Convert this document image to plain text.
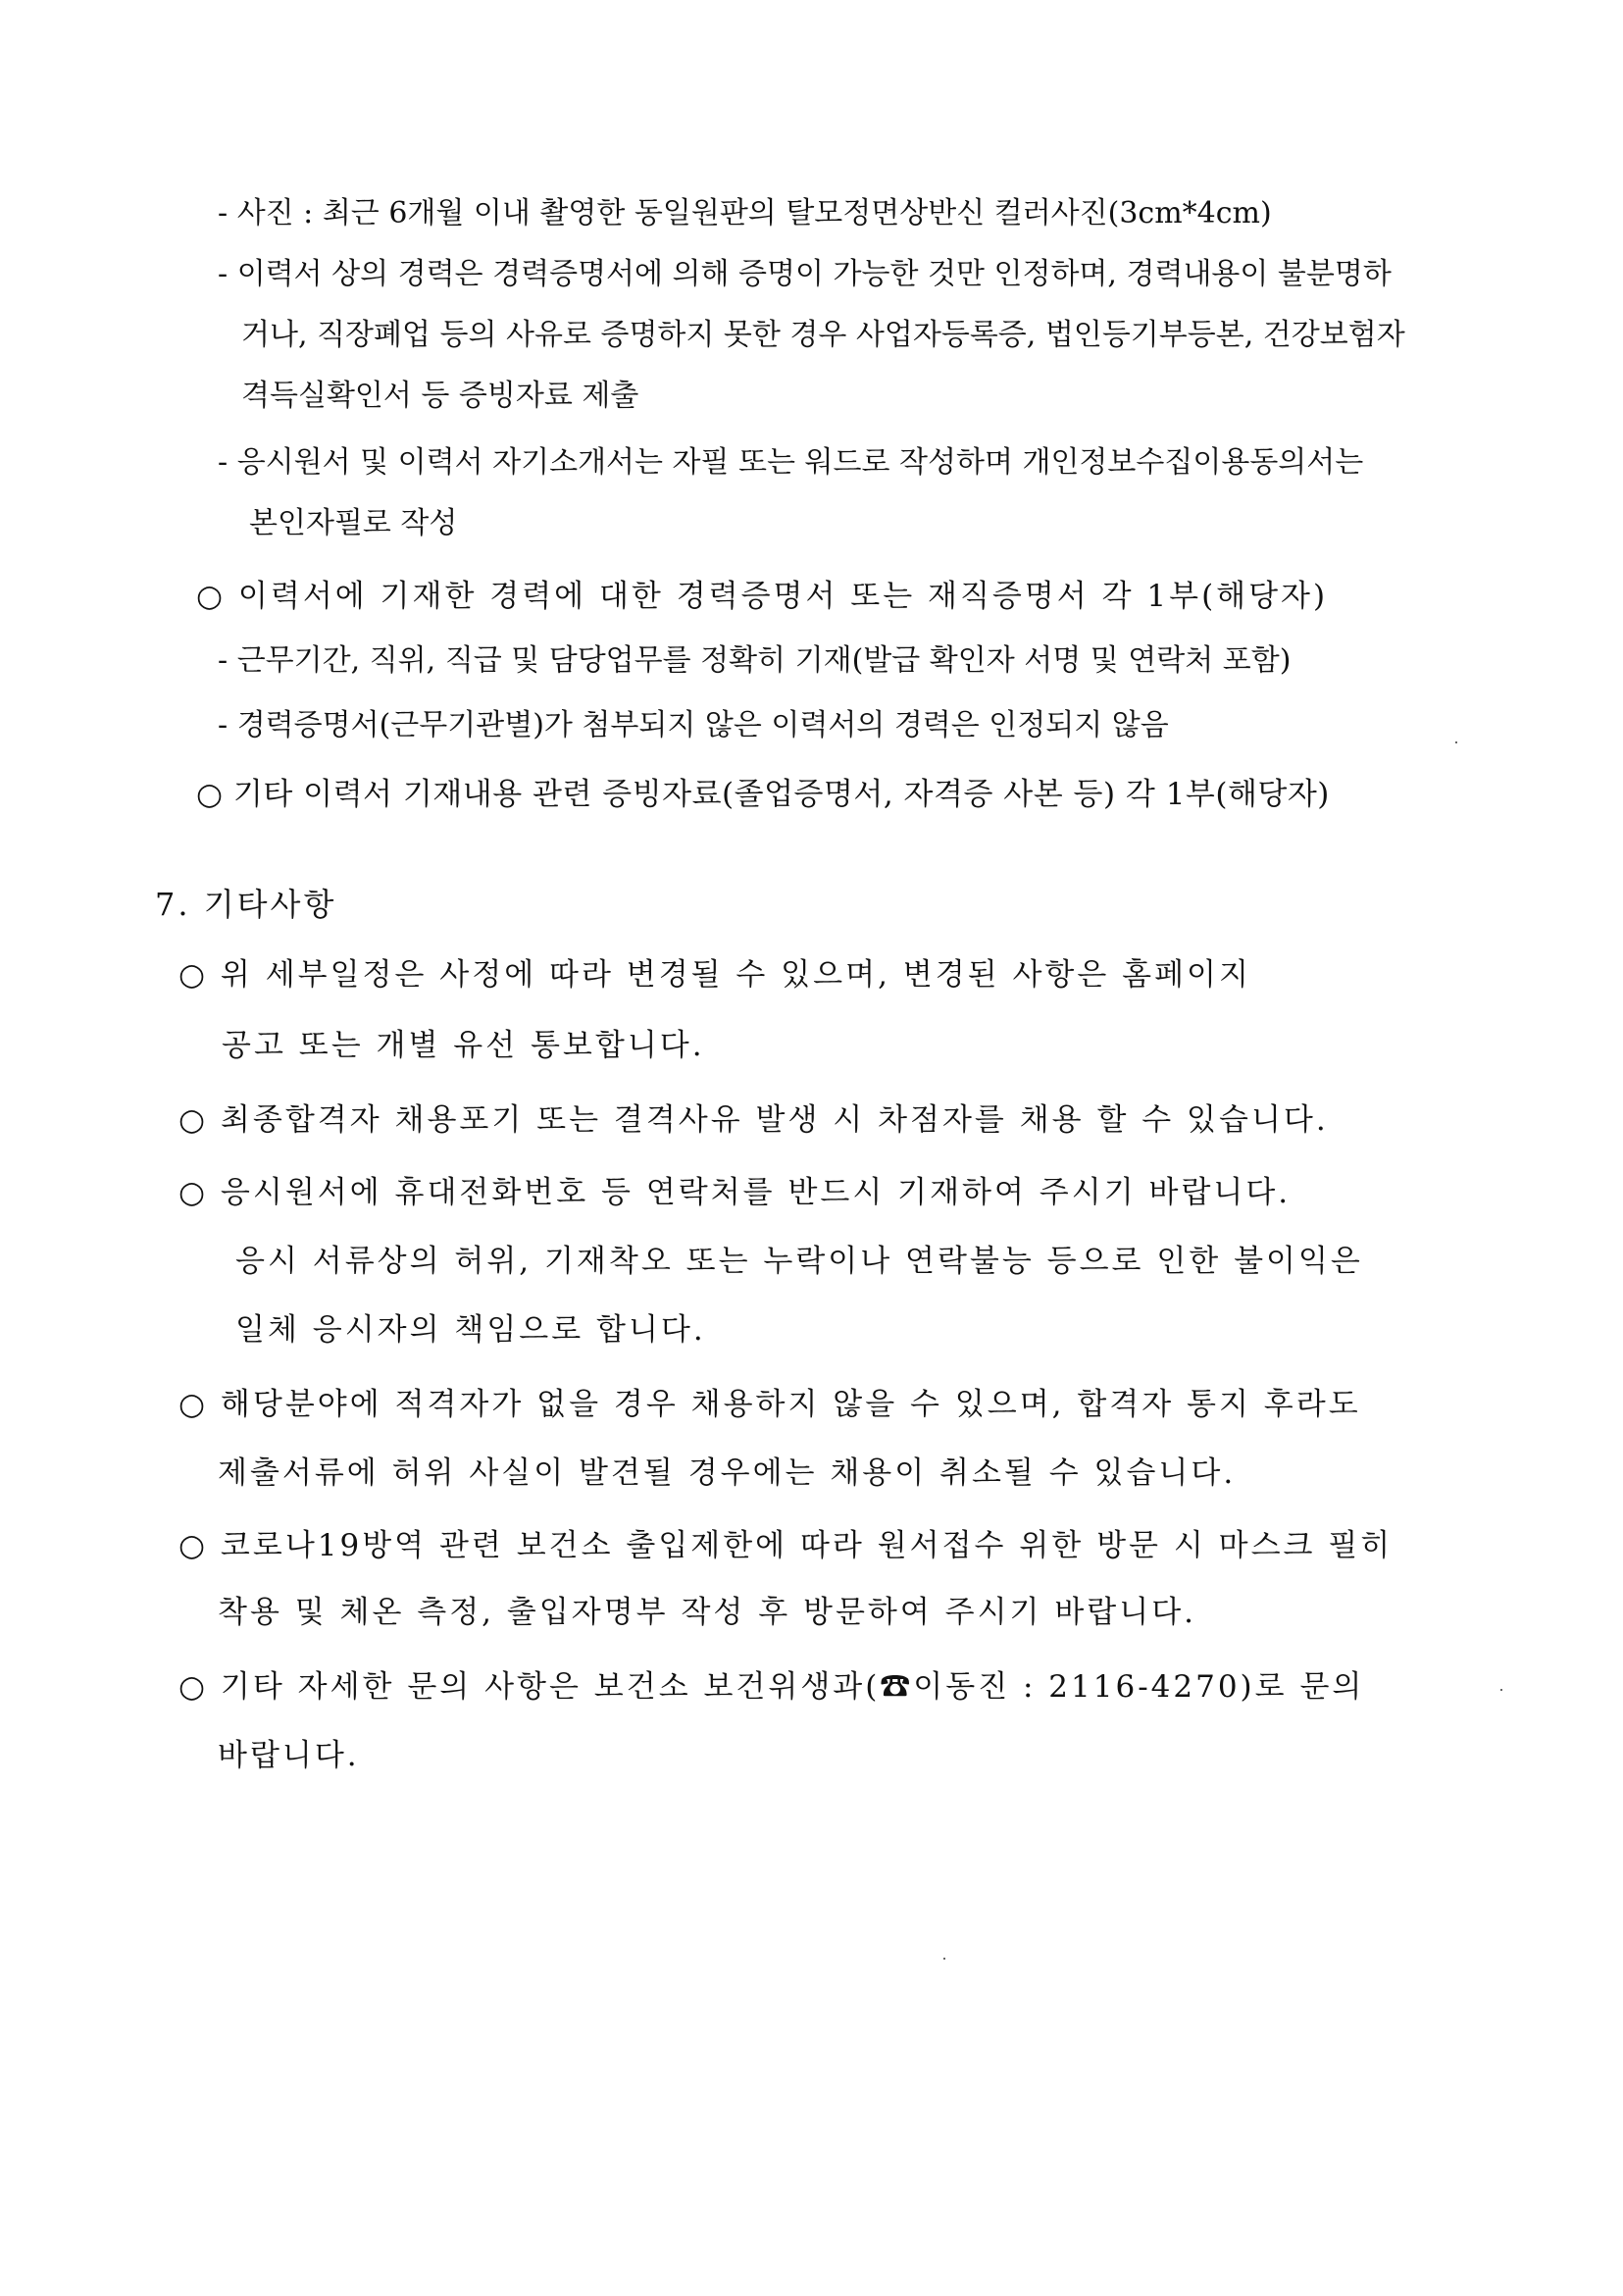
- 사진 : 최근 6개월 이내 촬영한 동일원판의 탈모정면상반신 컬러사진(3cm*4cm)
- 이력서 상의 경력은 경력증명서에 의해 증명이 가능한 것만 인정하며, 경력내용이 불분명하
거나, 직장폐업 등의 사유로 증명하지 못한 경우 사업자등록증, 법인등기부등본, 건강보험자
격득실확인서 등 증빙자료 제출
- 응시원서 및 이력서 자기소개서는 자필 또는 워드로 작성하며 개인정보수집이용동의서는
본인자필로 작성
○ 이력서에 기재한 경력에 대한 경력증명서 또는 재직증명서 각 1부(해당자)
- 근무기간, 직위, 직급 및 담당업무를 정확히 기재(발급 확인자 서명 및 연락처 포함)
- 경력증명서(근무기관별)가 첨부되지 않은 이력서의 경력은 인정되지 않음
○ 기타 이력서 기재내용 관련 증빙자료(졸업증명서, 자격증 사본 등) 각 1부(해당자)
7. 기타사항
○ 위 세부일정은 사정에 따라 변경될 수 있으며, 변경된 사항은 홈페이지
공고 또는 개별 유선 통보합니다.
○ 최종합격자 채용포기 또는 결격사유 발생 시 차점자를 채용 할 수 있습니다.
○ 응시원서에 휴대전화번호 등 연락처를 반드시 기재하여 주시기 바랍니다.
응시 서류상의 허위, 기재착오 또는 누락이나 연락불능 등으로 인한 불이익은
일체 응시자의 책임으로 합니다.
○ 해당분야에 적격자가 없을 경우 채용하지 않을 수 있으며, 합격자 통지 후라도
제출서류에 허위 사실이 발견될 경우에는 채용이 취소될 수 있습니다.
○ 코로나19방역 관련 보건소 출입제한에 따라 원서접수 위한 방문 시 마스크 필히
착용 및 체온 측정, 출입자명부 작성 후 방문하여 주시기 바랍니다.
○ 기타 자세한 문의 사항은 보건소 보건위생과(☎이동진 : 2116-4270)로 문의
바랍니다.
